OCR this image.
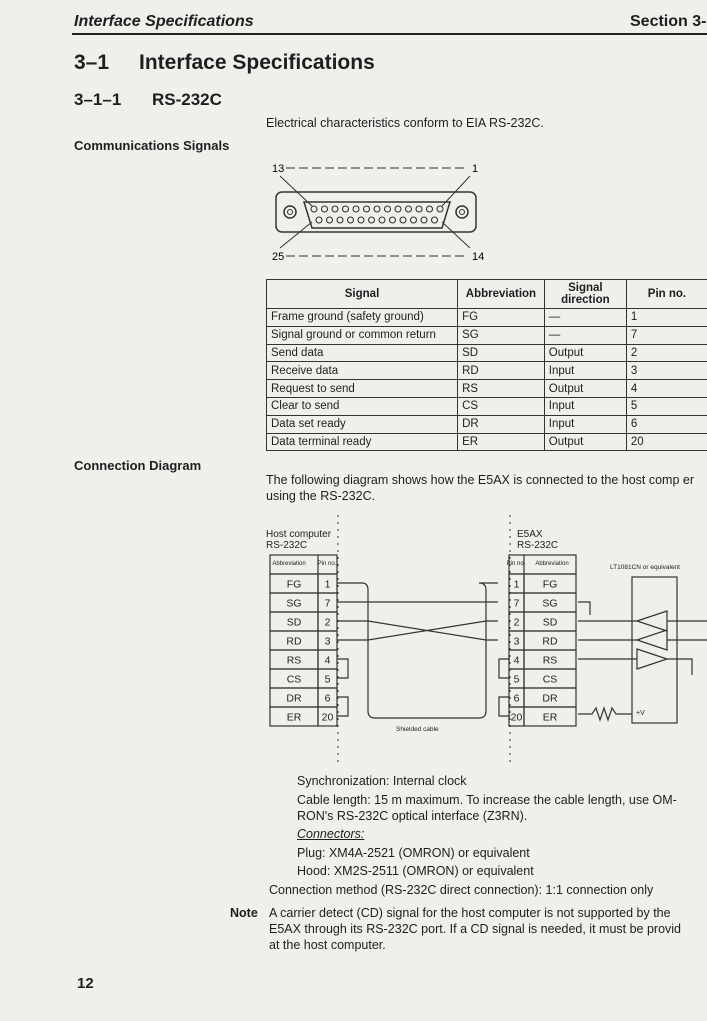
Interface Specifications	Section 3-
3–1 Interface Specifications
3–1–1 RS-232C
Electrical characteristics conform to EIA RS-232C.
Communications Signals
13	1
25	14
Signal	Abbreviation	Signal direction	Pin no.
Frame ground (safety ground)	FG	—	1
Signal ground or common return	SG	—	7
Send data	SD	Output	2
Receive data	RD	Input	3
Request to send	RS	Output	4
Clear to send	CS	Input	5
Data set ready	DR	Input	6
Data terminal ready	ER	Output	20
Connection Diagram
The following diagram shows how the E5AX is connected to the host comp er using the RS-232C.
Host computer
RS-232C
E5AX
RS-232C
LT1081CN or equivalent
Shielded cable
+V
FG 1
SG 7
SD 2
RD 3
RS 4
CS 5
DR 6
ER 20
1 FG
7 SG
2 SD
3 RD
4 RS
5 CS
6 DR
20 ER
Abbreviation Pin no.	Pin no. Abbreviation
Synchronization: Internal clock
Cable length: 15 m maximum. To increase the cable length, use OM-
RON's RS-232C optical interface (Z3RN).
Connectors:
Plug: XM4A-2521 (OMRON) or equivalent
Hood: XM2S-2511 (OMRON) or equivalent
Connection method (RS-232C direct connection): 1:1 connection only
Note A carrier detect (CD) signal for the host computer is not supported by the
E5AX through its RS-232C port. If a CD signal is needed, it must be provid
at the host computer.
12
